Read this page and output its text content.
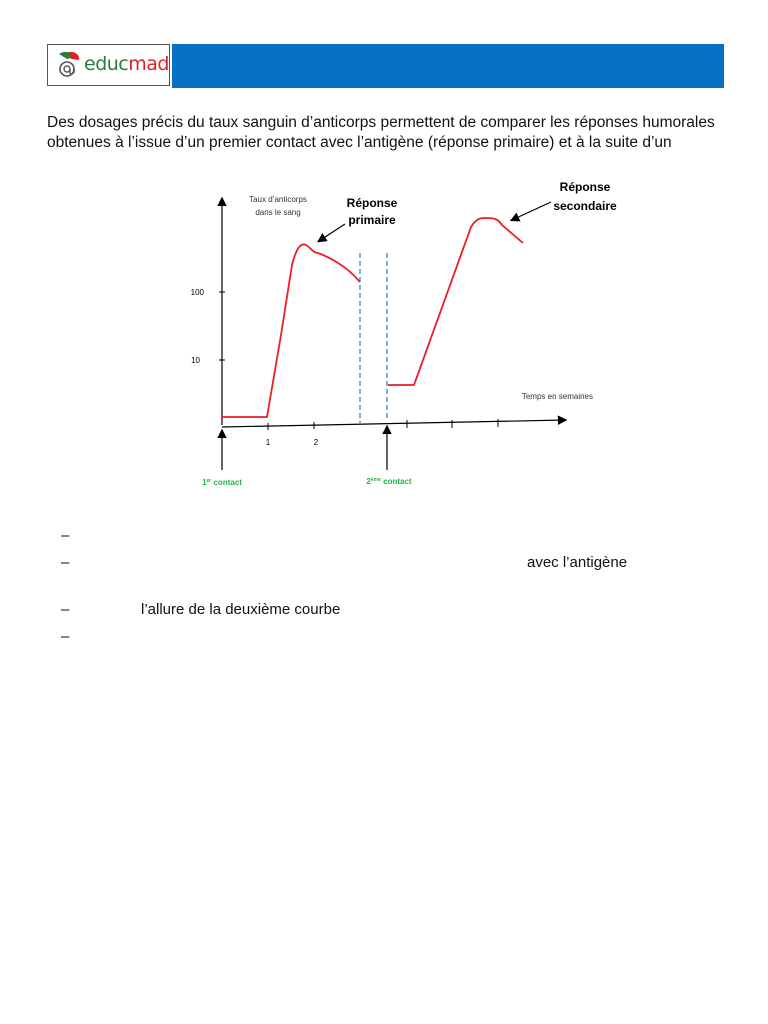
educmad

Des dosages précis du taux sanguin d’anticorps permettent de comparer les réponses humorales
obtenues à l’issue d’un premier contact avec l’antigène (réponse primaire) et à la suite d’un

100
10
1	2
Taux d’anticorps
dans le sang
Temps en semaines
Réponse
primaire
Réponse
secondaire
1er contact	2ème contact
–
–	avec l’antigène
–	l’allure de la deuxième courbe
–
